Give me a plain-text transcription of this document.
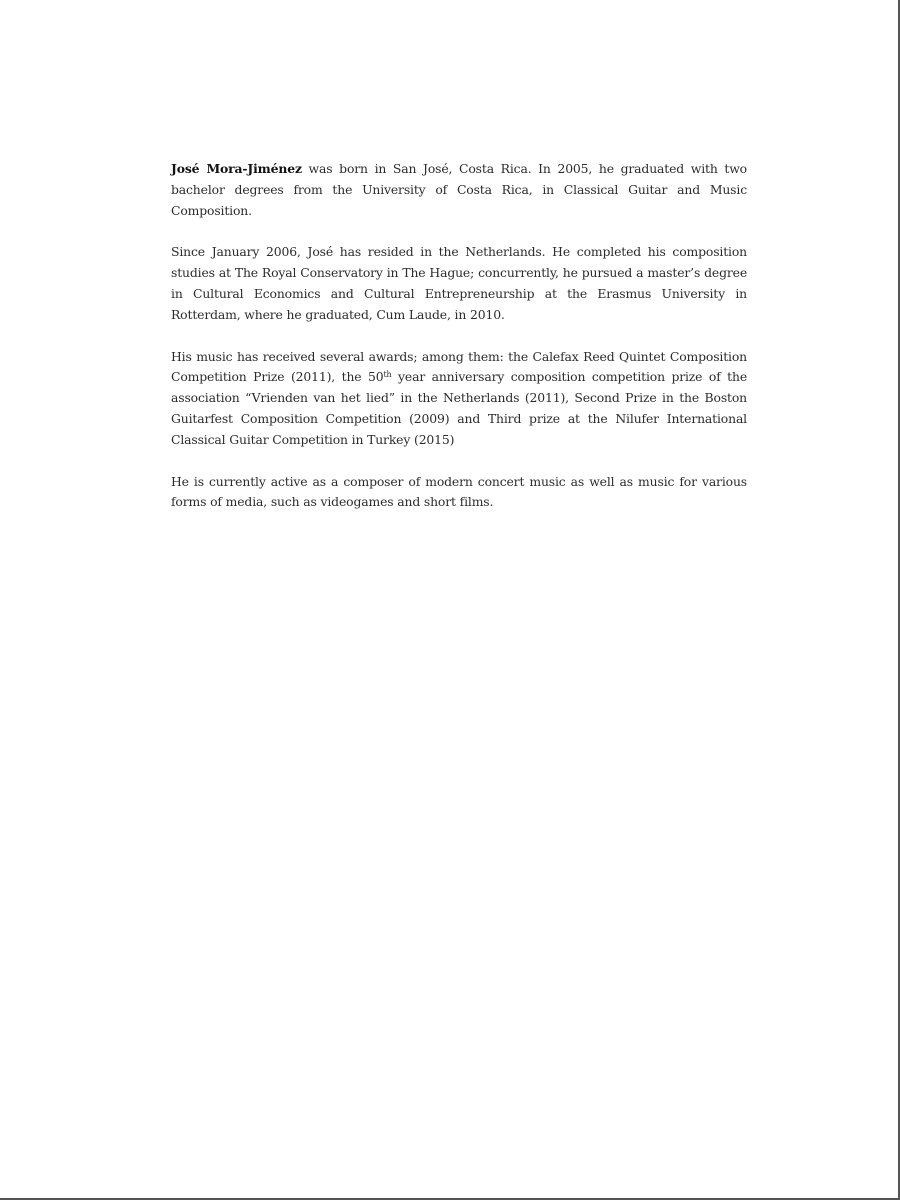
José Mora-Jiménez was born in San José, Costa Rica. In 2005, he graduated with two bachelor degrees from the University of Costa Rica, in Classical Guitar and Music Composition.

Since January 2006, José has resided in the Netherlands. He completed his composition studies at The Royal Conservatory in The Hague; concurrently, he pursued a master’s degree in Cultural Economics and Cultural Entrepreneurship at the Erasmus University in Rotterdam, where he graduated, Cum Laude, in 2010.

His music has received several awards; among them: the Calefax Reed Quintet Composition Competition Prize (2011), the 50th year anniversary composition competition prize of the association “Vrienden van het lied” in the Netherlands (2011), Second Prize in the Boston Guitarfest Composition Competition (2009) and Third prize at the Nilufer International Classical Guitar Competition in Turkey (2015)

He is currently active as a composer of modern concert music as well as music for various forms of media, such as videogames and short films.
